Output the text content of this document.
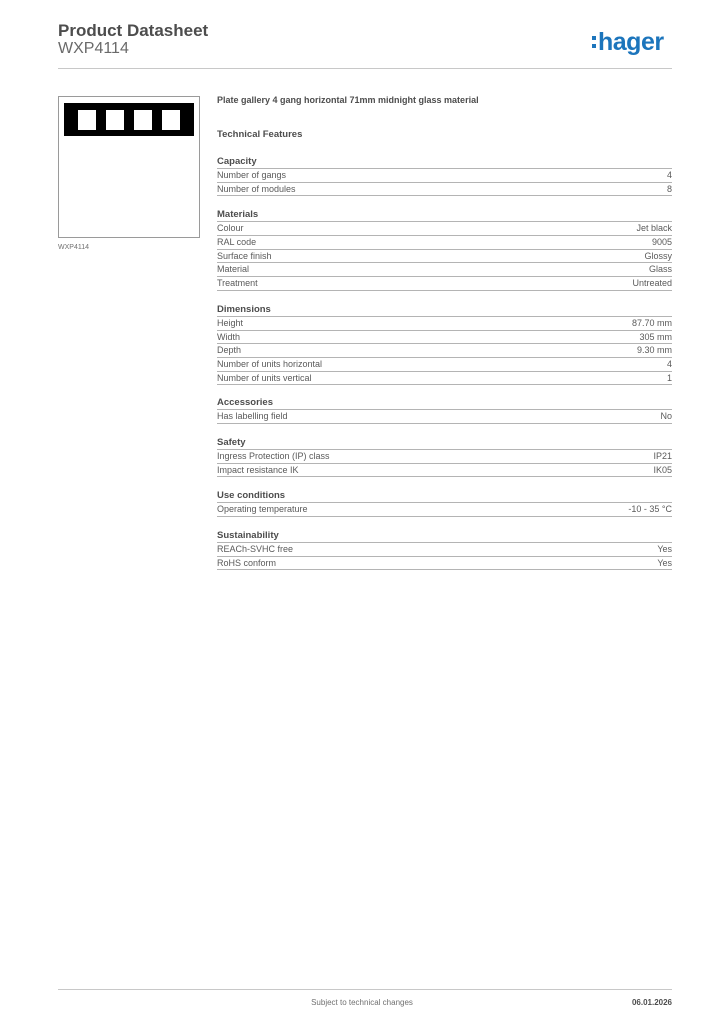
Product Datasheet
WXP4114	hager
WXP4114
Plate gallery 4 gang horizontal 71mm midnight glass material
Technical Features
Capacity
Number of gangs	4
Number of modules	8
Materials
Colour	Jet black
RAL code	9005
Surface finish	Glossy
Material	Glass
Treatment	Untreated
Dimensions
Height	87.70 mm
Width	305 mm
Depth	9.30 mm
Number of units horizontal	4
Number of units vertical	1
Accessories
Has labelling field	No
Safety
Ingress Protection (IP) class	IP21
Impact resistance IK	IK05
Use conditions
Operating temperature	-10 - 35 °C
Sustainability
REACh-SVHC free	Yes
RoHS conform	Yes
Subject to technical changes	06.01.2026
